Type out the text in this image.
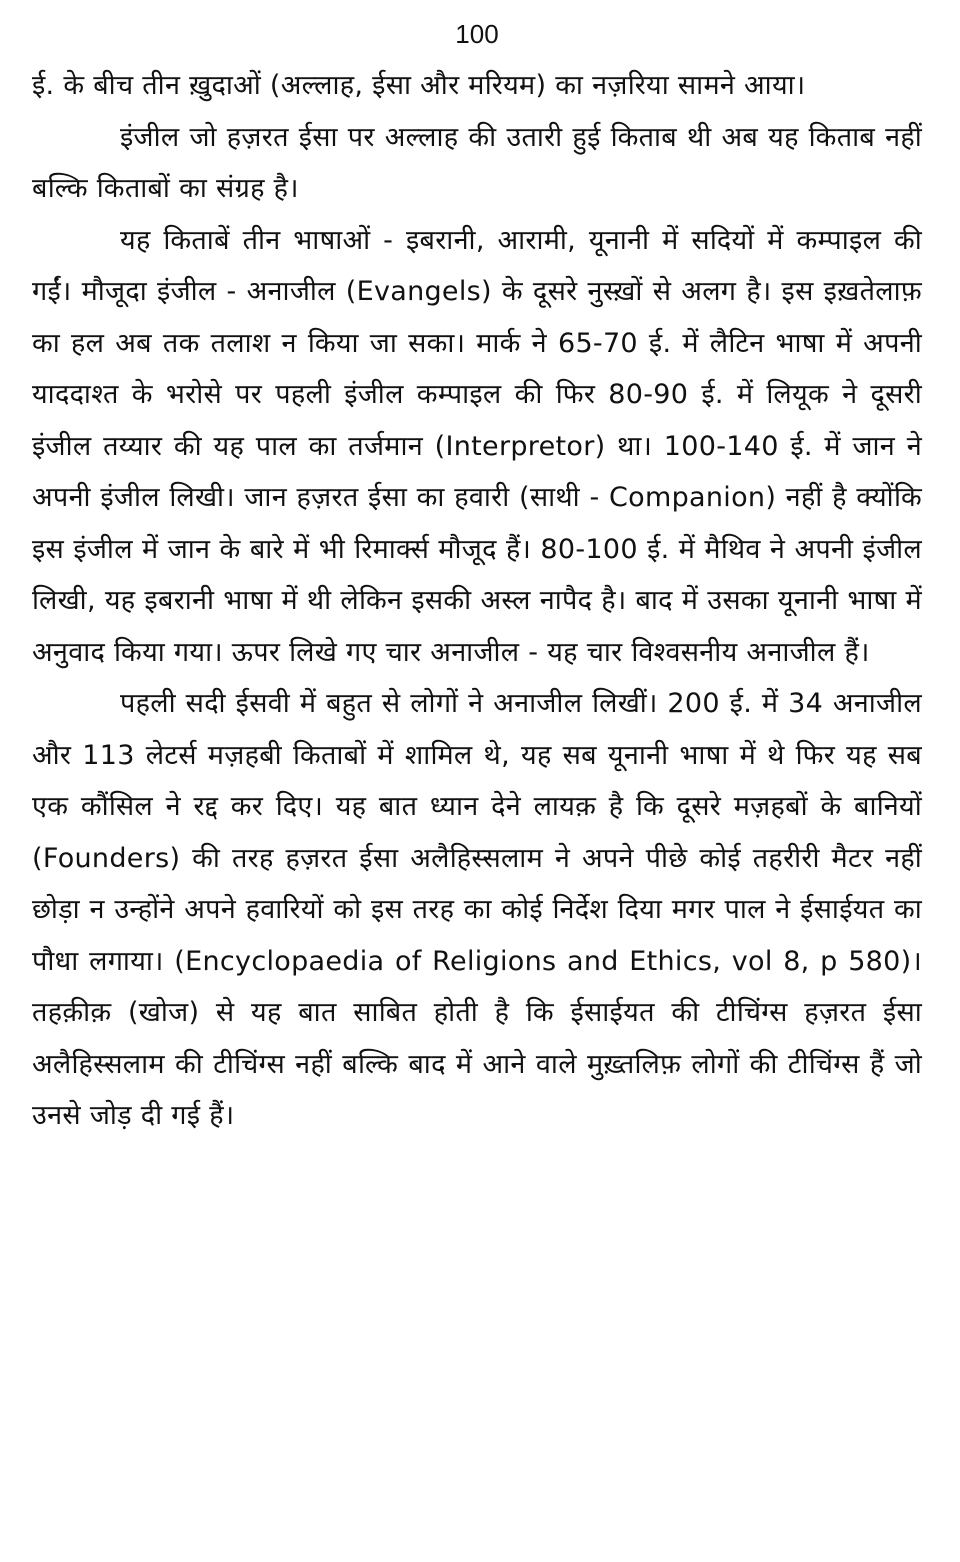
100

ई. के बीच तीन ख़ुदाओं (अल्लाह, ईसा और मरियम) का नज़रिया सामने आया।

इंजील जो हज़रत ईसा पर अल्लाह की उतारी हुई किताब थी अब यह किताब नहीं बल्कि किताबों का संग्रह है।

यह किताबें तीन भाषाओं - इबरानी, आरामी, यूनानी में सदियों में कम्पाइल की गईं। मौजूदा इंजील - अनाजील (Evangels) के दूसरे नुस्ख़ों से अलग है। इस इख़तेलाफ़ का हल अब तक तलाश न किया जा सका। मार्क ने 65-70 ई. में लैटिन भाषा में अपनी याददाश्त के भरोसे पर पहली इंजील कम्पाइल की फिर 80-90 ई. में लियूक ने दूसरी इंजील तय्यार की यह पाल का तर्जमान (Interpretor) था। 100-140 ई. में जान ने अपनी इंजील लिखी। जान हज़रत ईसा का हवारी (साथी - Companion) नहीं है क्योंकि इस इंजील में जान के बारे में भी रिमार्क्स मौजूद हैं। 80-100 ई. में मैथिव ने अपनी इंजील लिखी, यह इबरानी भाषा में थी लेकिन इसकी अस्ल नापैद है। बाद में उसका यूनानी भाषा में अनुवाद किया गया। ऊपर लिखे गए चार अनाजील - यह चार विश्वसनीय अनाजील हैं।

पहली सदी ईसवी में बहुत से लोगों ने अनाजील लिखीं। 200 ई. में 34 अनाजील और 113 लेटर्स मज़हबी किताबों में शामिल थे, यह सब यूनानी भाषा में थे फिर यह सब एक कौंसिल ने रद्द कर दिए। यह बात ध्यान देने लायक़ है कि दूसरे मज़हबों के बानियों (Founders) की तरह हज़रत ईसा अलैहिस्सलाम ने अपने पीछे कोई तहरीरी मैटर नहीं छोड़ा न उन्होंने अपने हवारियों को इस तरह का कोई निर्देश दिया मगर पाल ने ईसाईयत का पौधा लगाया। (Encyclopaedia of Religions and Ethics, vol 8, p 580)। तहक़ीक़ (खोज) से यह बात साबित होती है कि ईसाईयत की टीचिंग्स हज़रत ईसा अलैहिस्सलाम की टीचिंग्स नहीं बल्कि बाद में आने वाले मुख़्तलिफ़ लोगों की टीचिंग्स हैं जो उनसे जोड़ दी गई हैं।
